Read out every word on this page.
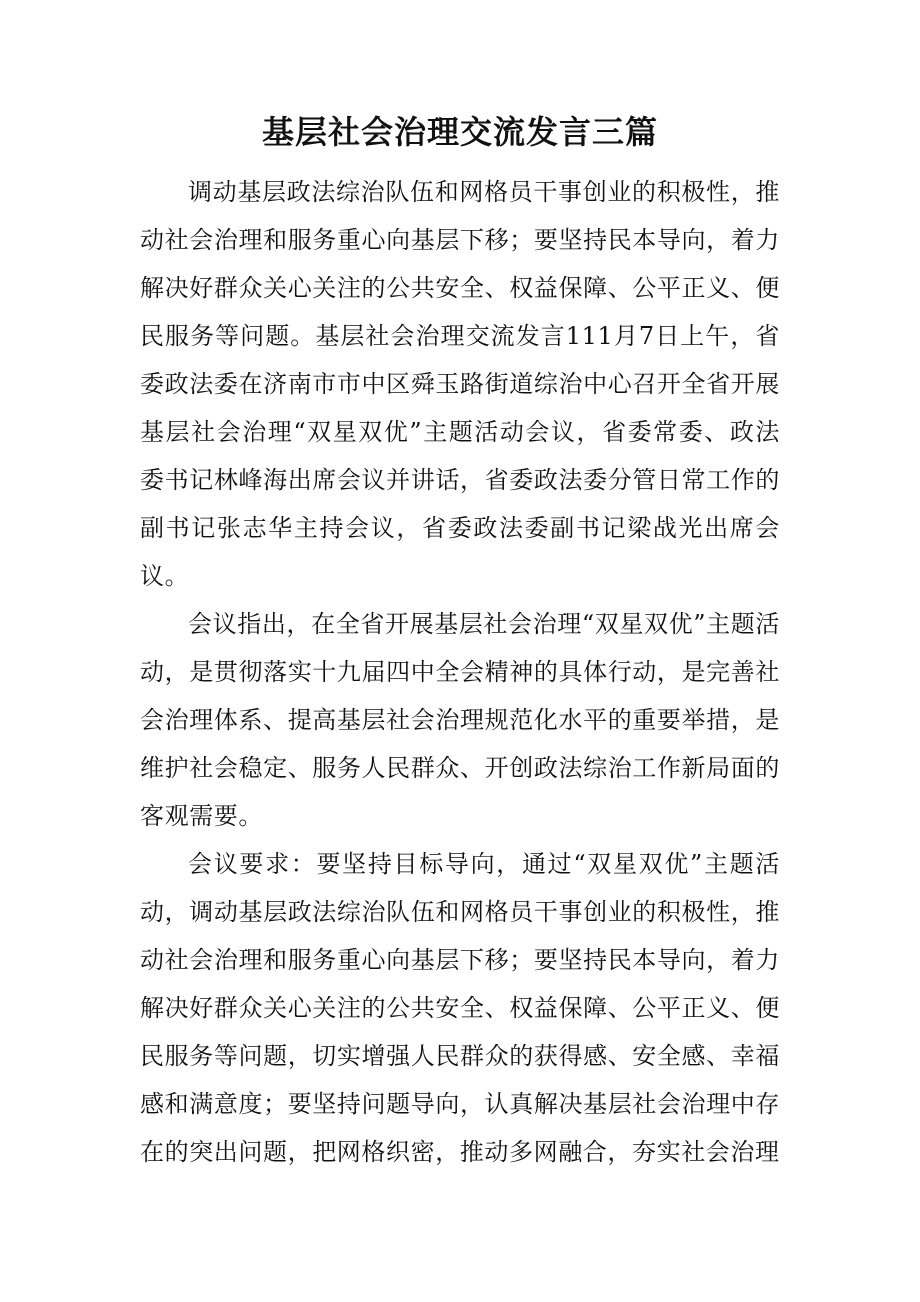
基层社会治理交流发言三篇

调动基层政法综治队伍和网格员干事创业的积极性，推动社会治理和服务重心向基层下移；要坚持民本导向，着力解决好群众关心关注的公共安全、权益保障、公平正义、便民服务等问题。基层社会治理交流发言111月7日上午，省委政法委在济南市市中区舜玉路街道综治中心召开全省开展基层社会治理“双星双优”主题活动会议，省委常委、政法委书记林峰海出席会议并讲话，省委政法委分管日常工作的副书记张志华主持会议，省委政法委副书记梁战光出席会议。

会议指出，在全省开展基层社会治理“双星双优”主题活动，是贯彻落实十九届四中全会精神的具体行动，是完善社会治理体系、提高基层社会治理规范化水平的重要举措，是维护社会稳定、服务人民群众、开创政法综治工作新局面的客观需要。

会议要求：要坚持目标导向，通过“双星双优”主题活动，调动基层政法综治队伍和网格员干事创业的积极性，推动社会治理和服务重心向基层下移；要坚持民本导向，着力解决好群众关心关注的公共安全、权益保障、公平正义、便民服务等问题，切实增强人民群众的获得感、安全感、幸福感和满意度；要坚持问题导向，认真解决基层社会治理中存在的突出问题，把网格织密，推动多网融合，夯实社会治理
